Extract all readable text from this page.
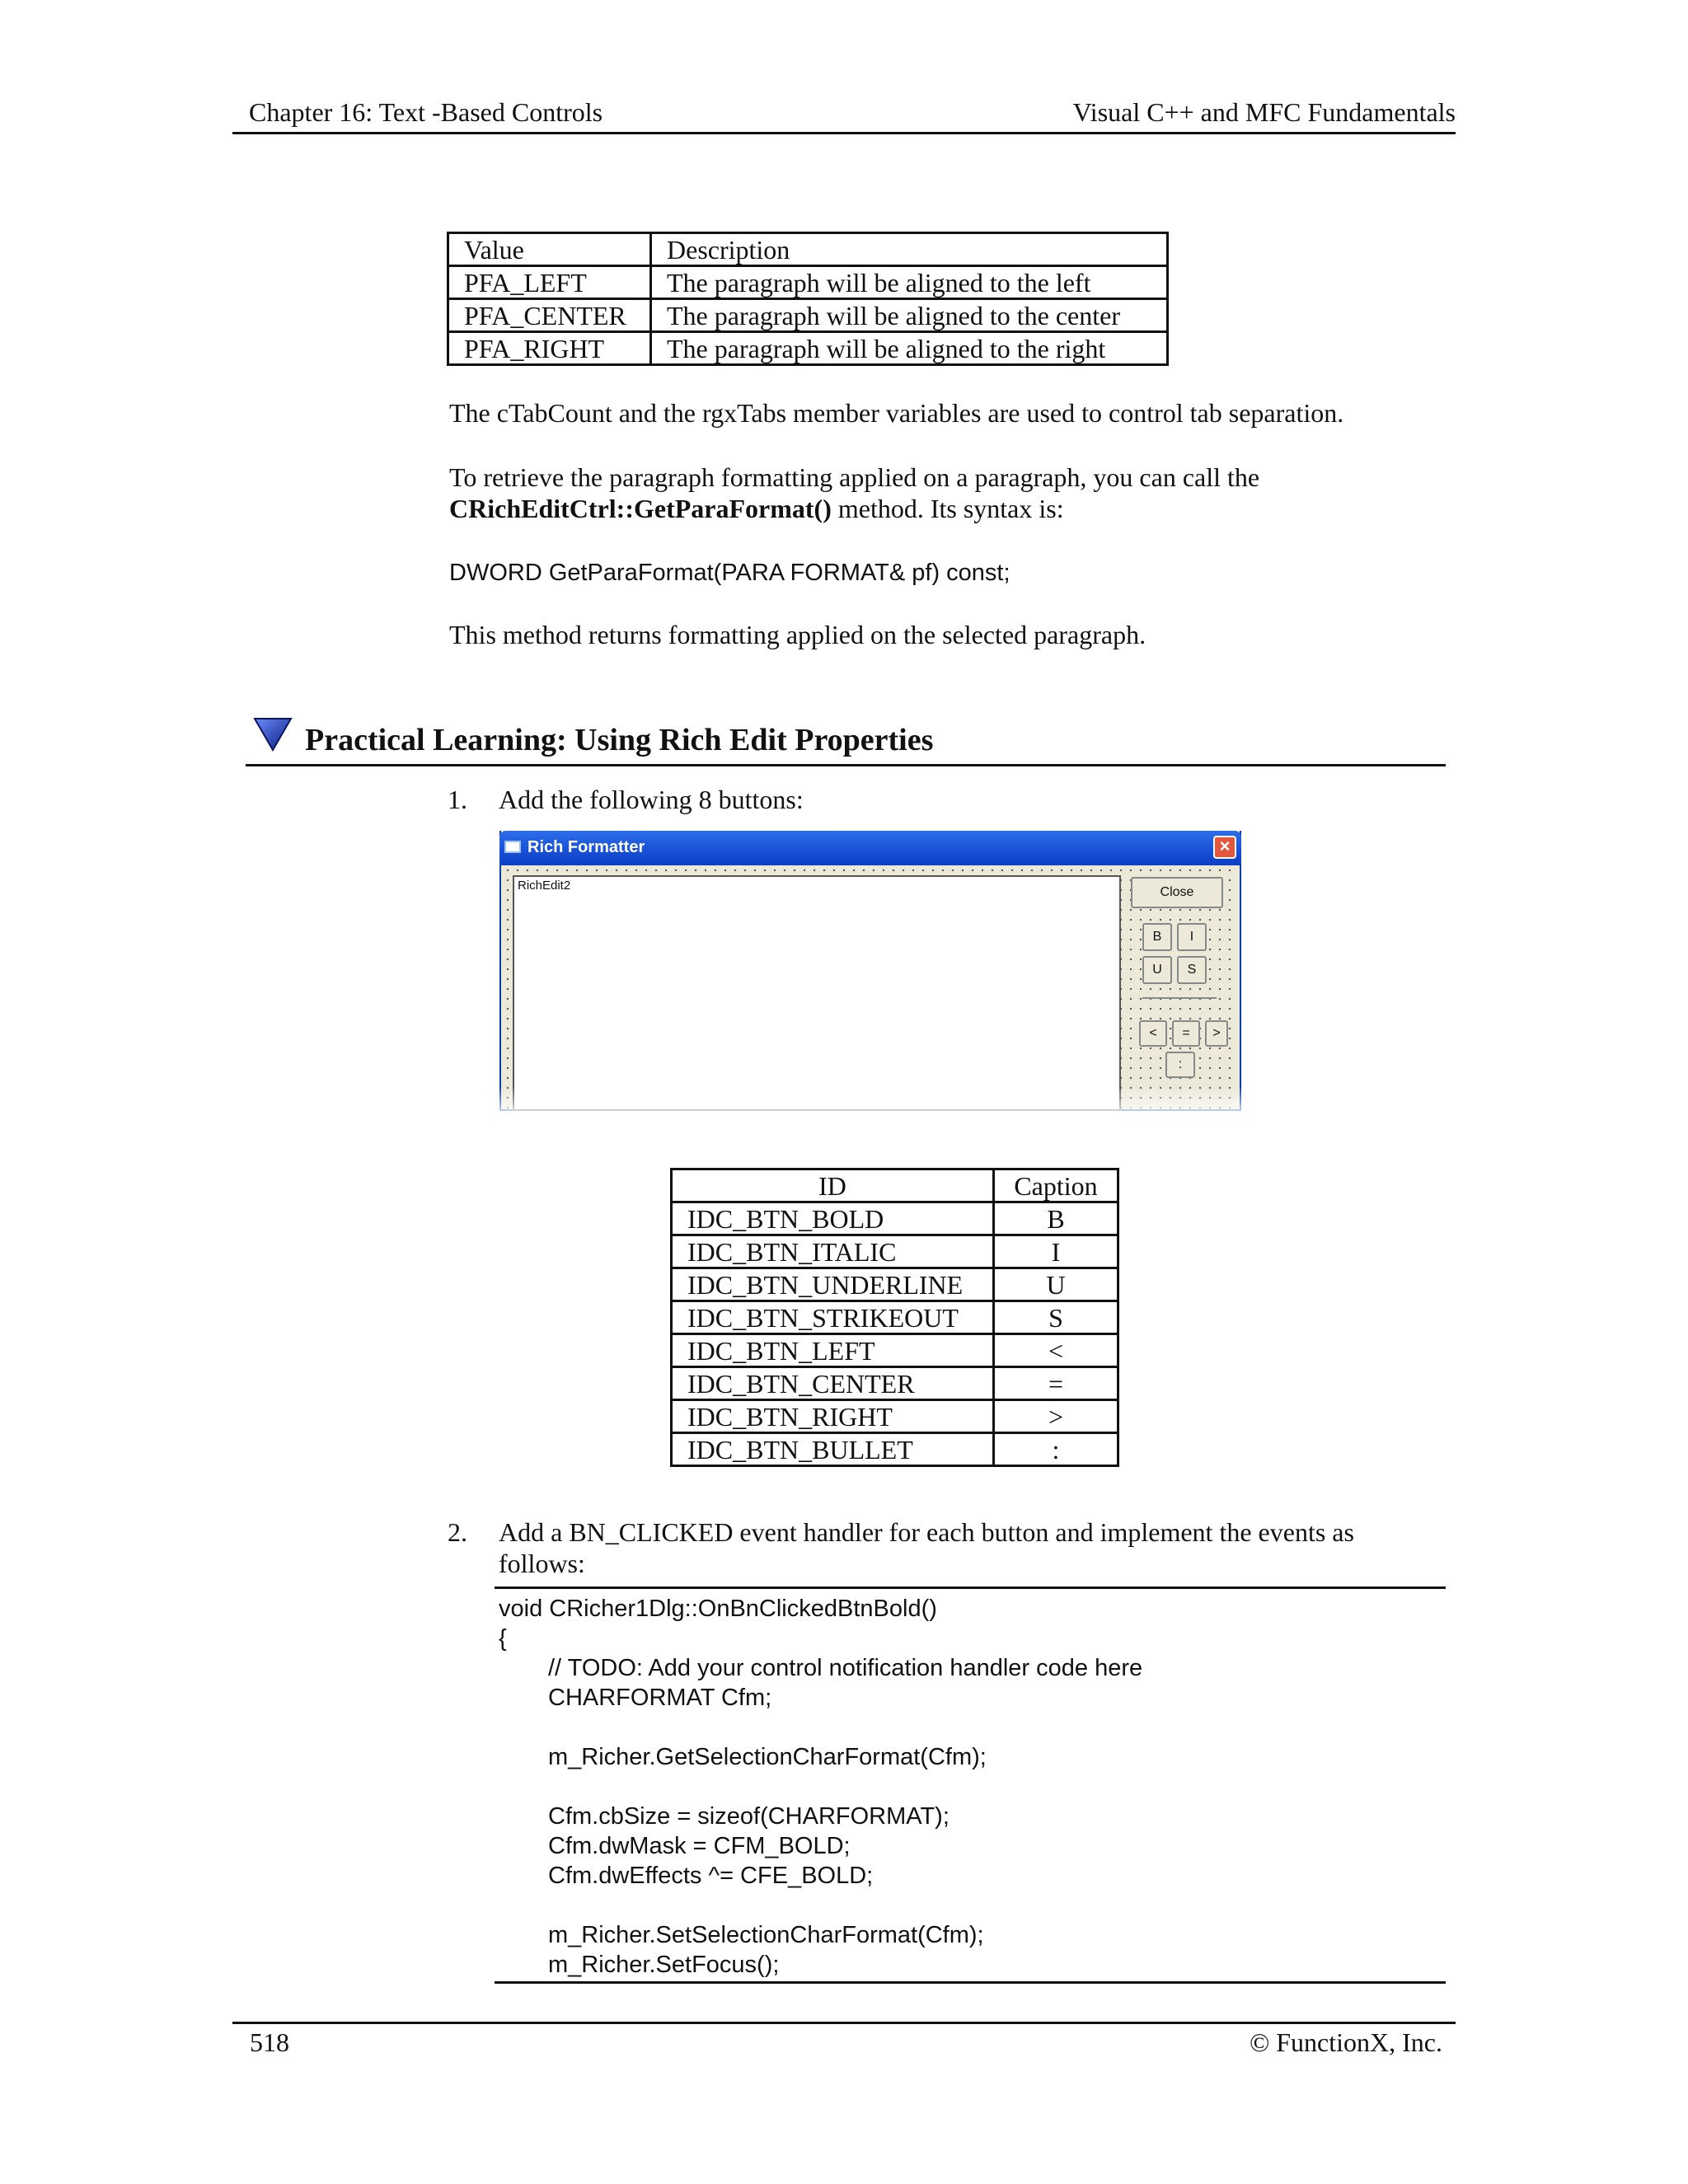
Chapter 16: Text -Based Controls	Visual C++ and MFC Fundamentals
Value	Description
PFA_LEFT	The paragraph will be aligned to the left
PFA_CENTER	The paragraph will be aligned to the center
PFA_RIGHT	The paragraph will be aligned to the right
The cTabCount and the rgxTabs member variables are used to control tab separation.
To retrieve the paragraph formatting applied on a paragraph, you can call the
CRichEditCtrl::GetParaFormat() method. Its syntax is:
DWORD GetParaFormat(PARA FORMAT& pf) const;
This method returns formatting applied on the selected paragraph.
Practical Learning: Using Rich Edit Properties
1. Add the following 8 buttons:
Rich Formatter	×
RichEdit2	Close
B	I
U	S
<	=	>
:
ID	Caption
IDC_BTN_BOLD	B
IDC_BTN_ITALIC	I
IDC_BTN_UNDERLINE	U
IDC_BTN_STRIKEOUT	S
IDC_BTN_LEFT	<
IDC_BTN_CENTER	=
IDC_BTN_RIGHT	>
IDC_BTN_BULLET	:
2. Add a BN_CLICKED event handler for each button and implement the events as
follows:
void CRicher1Dlg::OnBnClickedBtnBold()
{
// TODO: Add your control notification handler code here
CHARFORMAT Cfm;
m_Richer.GetSelectionCharFormat(Cfm);
Cfm.cbSize = sizeof(CHARFORMAT);
Cfm.dwMask = CFM_BOLD;
Cfm.dwEffects ^= CFE_BOLD;
m_Richer.SetSelectionCharFormat(Cfm);
m_Richer.SetFocus();
518	© FunctionX, Inc.
